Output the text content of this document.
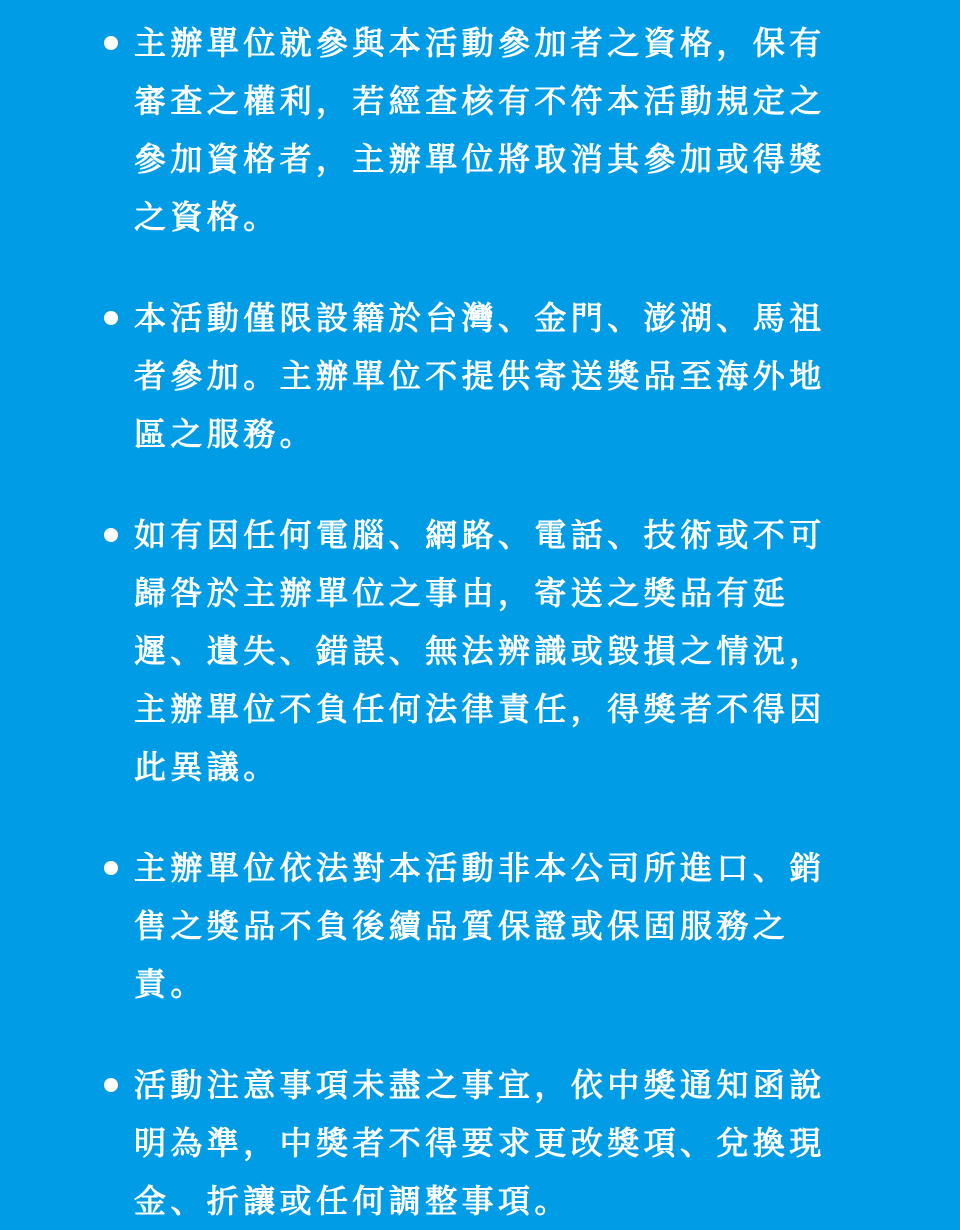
主辦單位就參與本活動參加者之資格，保有審查之權利，若經查核有不符本活動規定之參加資格者，主辦單位將取消其參加或得獎之資格。
本活動僅限設籍於台灣、金門、澎湖、馬祖者參加。主辦單位不提供寄送獎品至海外地區之服務。
如有因任何電腦、網路、電話、技術或不可歸咎於主辦單位之事由，寄送之獎品有延遲、遺失、錯誤、無法辨識或毀損之情況，主辦單位不負任何法律責任，得獎者不得因此異議。
主辦單位依法對本活動非本公司所進口、銷售之獎品不負後續品質保證或保固服務之責。
活動注意事項未盡之事宜，依中獎通知函說明為準，中獎者不得要求更改獎項、兌換現金、折讓或任何調整事項。
